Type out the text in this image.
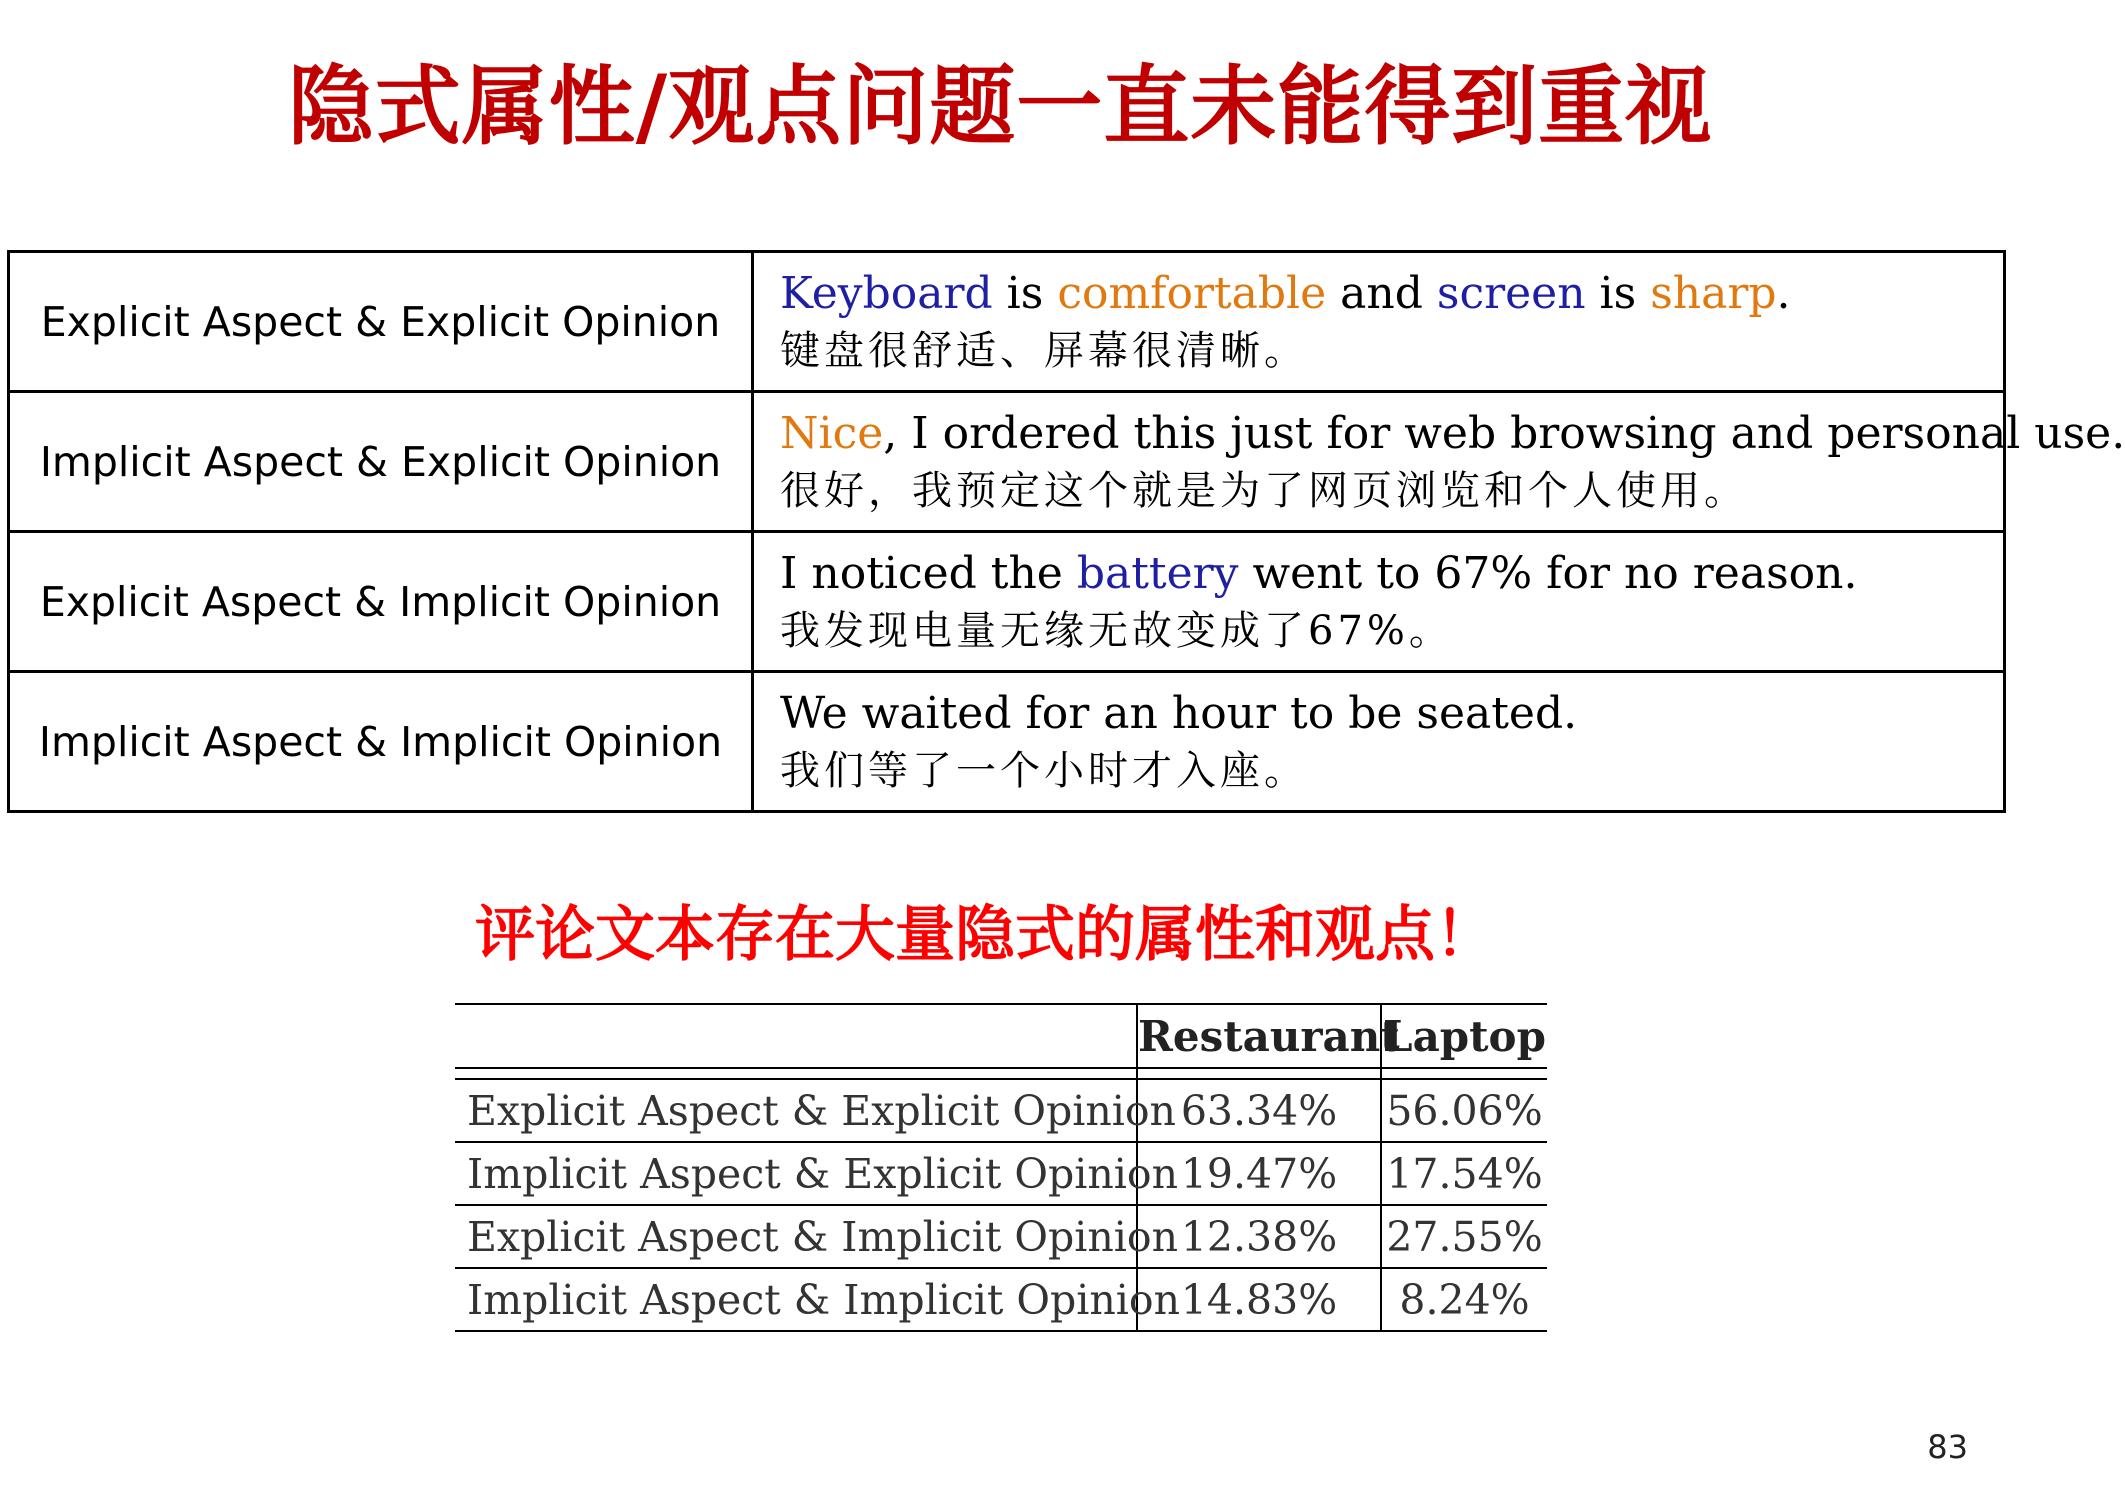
隐式属性/观点问题一直未能得到重视
Explicit Aspect & Explicit Opinion	Keyboard is comfortable and screen is sharp.
键盘很舒适、屏幕很清晰。

Implicit Aspect & Explicit Opinion	Nice, I ordered this just for web browsing and personal use.
很好，我预定这个就是为了网页浏览和个人使用。

Explicit Aspect & Implicit Opinion	I noticed the battery went to 67% for no reason.
我发现电量无缘无故变成了67%。

Implicit Aspect & Implicit Opinion	We waited for an hour to be seated.
我们等了一个小时才入座。
评论文本存在大量隐式的属性和观点！
	Restaurant	Laptop

Explicit Aspect & Explicit Opinion	63.34%	56.06%
Implicit Aspect & Explicit Opinion	19.47%	17.54%
Explicit Aspect & Implicit Opinion	12.38%	27.55%
Implicit Aspect & Implicit Opinion	14.83%	8.24%
83
